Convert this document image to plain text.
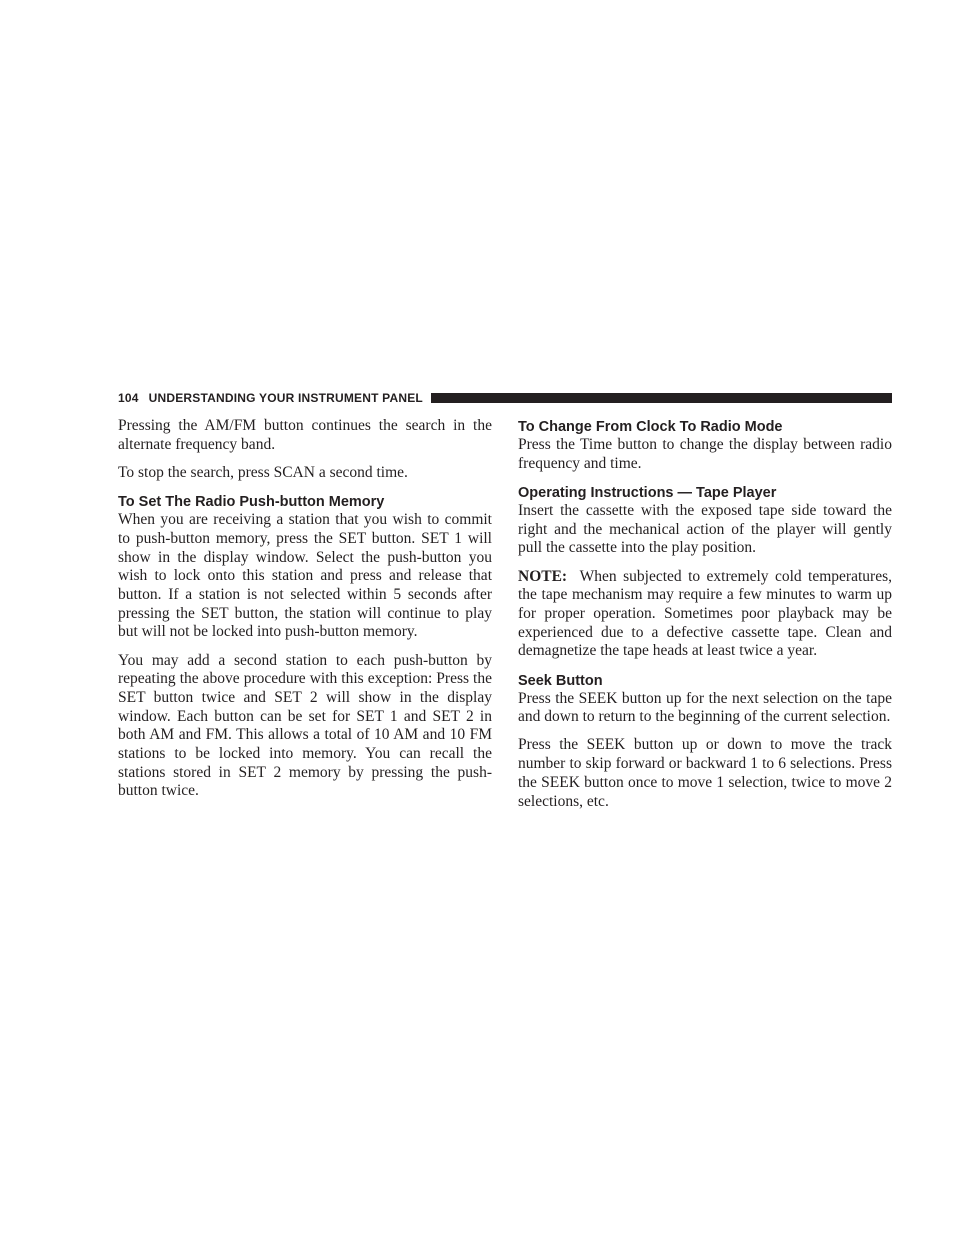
104 UNDERSTANDING YOUR INSTRUMENT PANEL

Pressing the AM/FM button continues the search in the alternate frequency band.

To stop the search, press SCAN a second time.

To Set The Radio Push-button Memory

When you are receiving a station that you wish to commit to push-button memory, press the SET button. SET 1 will show in the display window. Select the push-button you wish to lock onto this station and press and release that button. If a station is not selected within 5 seconds after pressing the SET button, the station will continue to play but will not be locked into push-button memory.

You may add a second station to each push-button by repeating the above procedure with this exception: Press the SET button twice and SET 2 will show in the display window. Each button can be set for SET 1 and SET 2 in both AM and FM. This allows a total of 10 AM and 10 FM stations to be locked into memory. You can recall the stations stored in SET 2 memory by pressing the push-button twice.

To Change From Clock To Radio Mode

Press the Time button to change the display between radio frequency and time.

Operating Instructions — Tape Player

Insert the cassette with the exposed tape side toward the right and the mechanical action of the player will gently pull the cassette into the play position.

NOTE: When subjected to extremely cold temperatures, the tape mechanism may require a few minutes to warm up for proper operation. Sometimes poor playback may be experienced due to a defective cassette tape. Clean and demagnetize the tape heads at least twice a year.

Seek Button

Press the SEEK button up for the next selection on the tape and down to return to the beginning of the current selection.

Press the SEEK button up or down to move the track number to skip forward or backward 1 to 6 selections. Press the SEEK button once to move 1 selection, twice to move 2 selections, etc.
